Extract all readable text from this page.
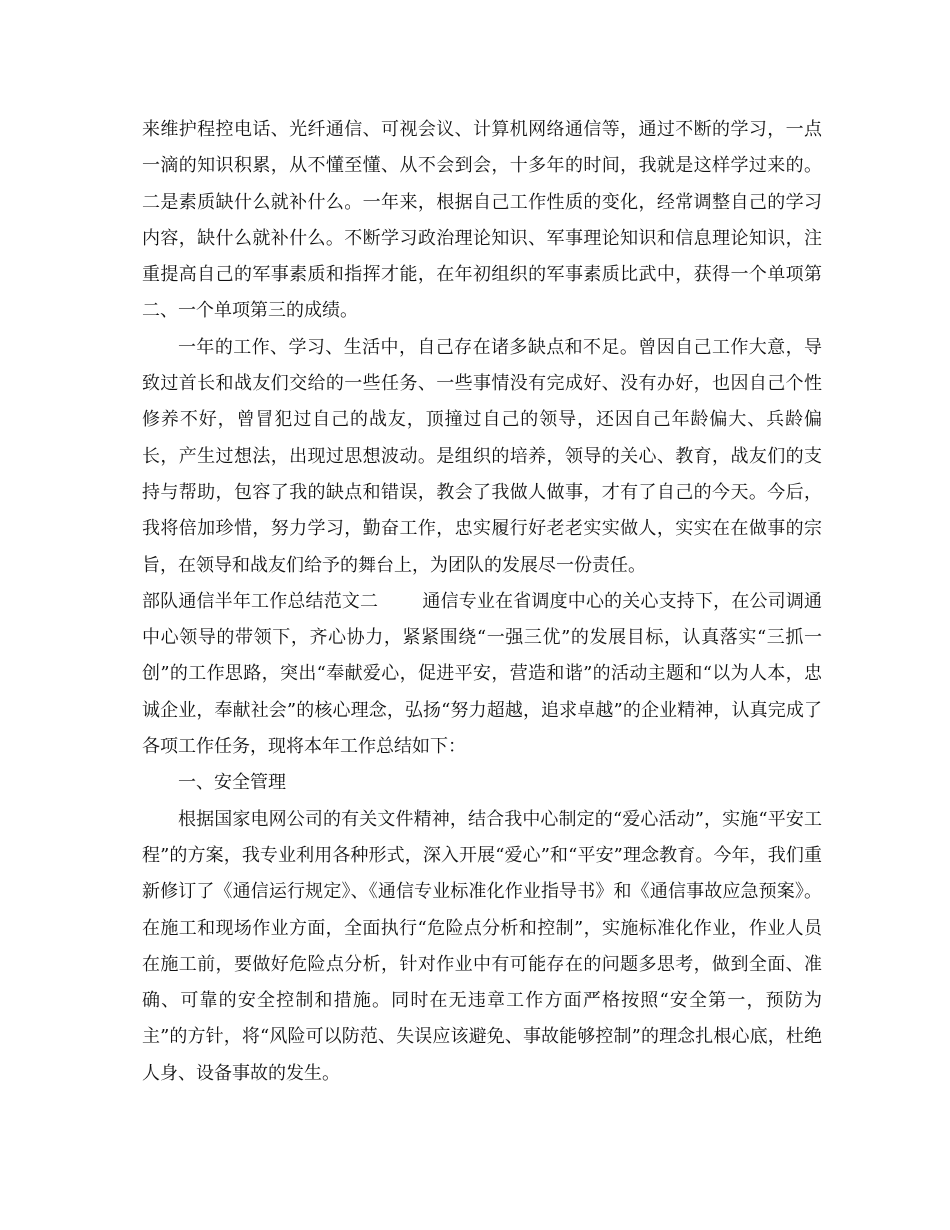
来维护程控电话、光纤通信、可视会议、计算机网络通信等，通过不断的学习，一点一滴的知识积累，从不懂至懂、从不会到会，十多年的时间，我就是这样学过来的。二是素质缺什么就补什么。一年来，根据自己工作性质的变化，经常调整自己的学习内容，缺什么就补什么。不断学习政治理论知识、军事理论知识和信息理论知识，注重提高自己的军事素质和指挥才能，在年初组织的军事素质比武中，获得一个单项第二、一个单项第三的成绩。

一年的工作、学习、生活中，自己存在诸多缺点和不足。曾因自己工作大意，导致过首长和战友们交给的一些任务、一些事情没有完成好、没有办好，也因自己个性修养不好，曾冒犯过自己的战友，顶撞过自己的领导，还因自己年龄偏大、兵龄偏长，产生过想法，出现过思想波动。是组织的培养，领导的关心、教育，战友们的支持与帮助，包容了我的缺点和错误，教会了我做人做事，才有了自己的今天。今后，我将倍加珍惜，努力学习，勤奋工作，忠实履行好老老实实做人，实实在在做事的宗旨，在领导和战友们给予的舞台上，为团队的发展尽一份责任。

部队通信半年工作总结范文二 通信专业在省调度中心的关心支持下，在公司调通中心领导的带领下，齐心协力，紧紧围绕“一强三优”的发展目标，认真落实“三抓一创”的工作思路，突出“奉献爱心，促进平安，营造和谐”的活动主题和“以为人本，忠诚企业，奉献社会”的核心理念，弘扬“努力超越，追求卓越”的企业精神，认真完成了各项工作任务，现将本年工作总结如下：

一、安全管理

根据国家电网公司的有关文件精神，结合我中心制定的“爱心活动”，实施“平安工程”的方案，我专业利用各种形式，深入开展“爱心”和“平安”理念教育。今年，我们重新修订了《通信运行规定》、《通信专业标准化作业指导书》和《通信事故应急预案》。在施工和现场作业方面，全面执行“危险点分析和控制”，实施标准化作业，作业人员在施工前，要做好危险点分析，针对作业中有可能存在的问题多思考，做到全面、准确、可靠的安全控制和措施。同时在无违章工作方面严格按照“安全第一，预防为主”的方针，将“风险可以防范、失误应该避免、事故能够控制”的理念扎根心底，杜绝人身、设备事故的发生。
